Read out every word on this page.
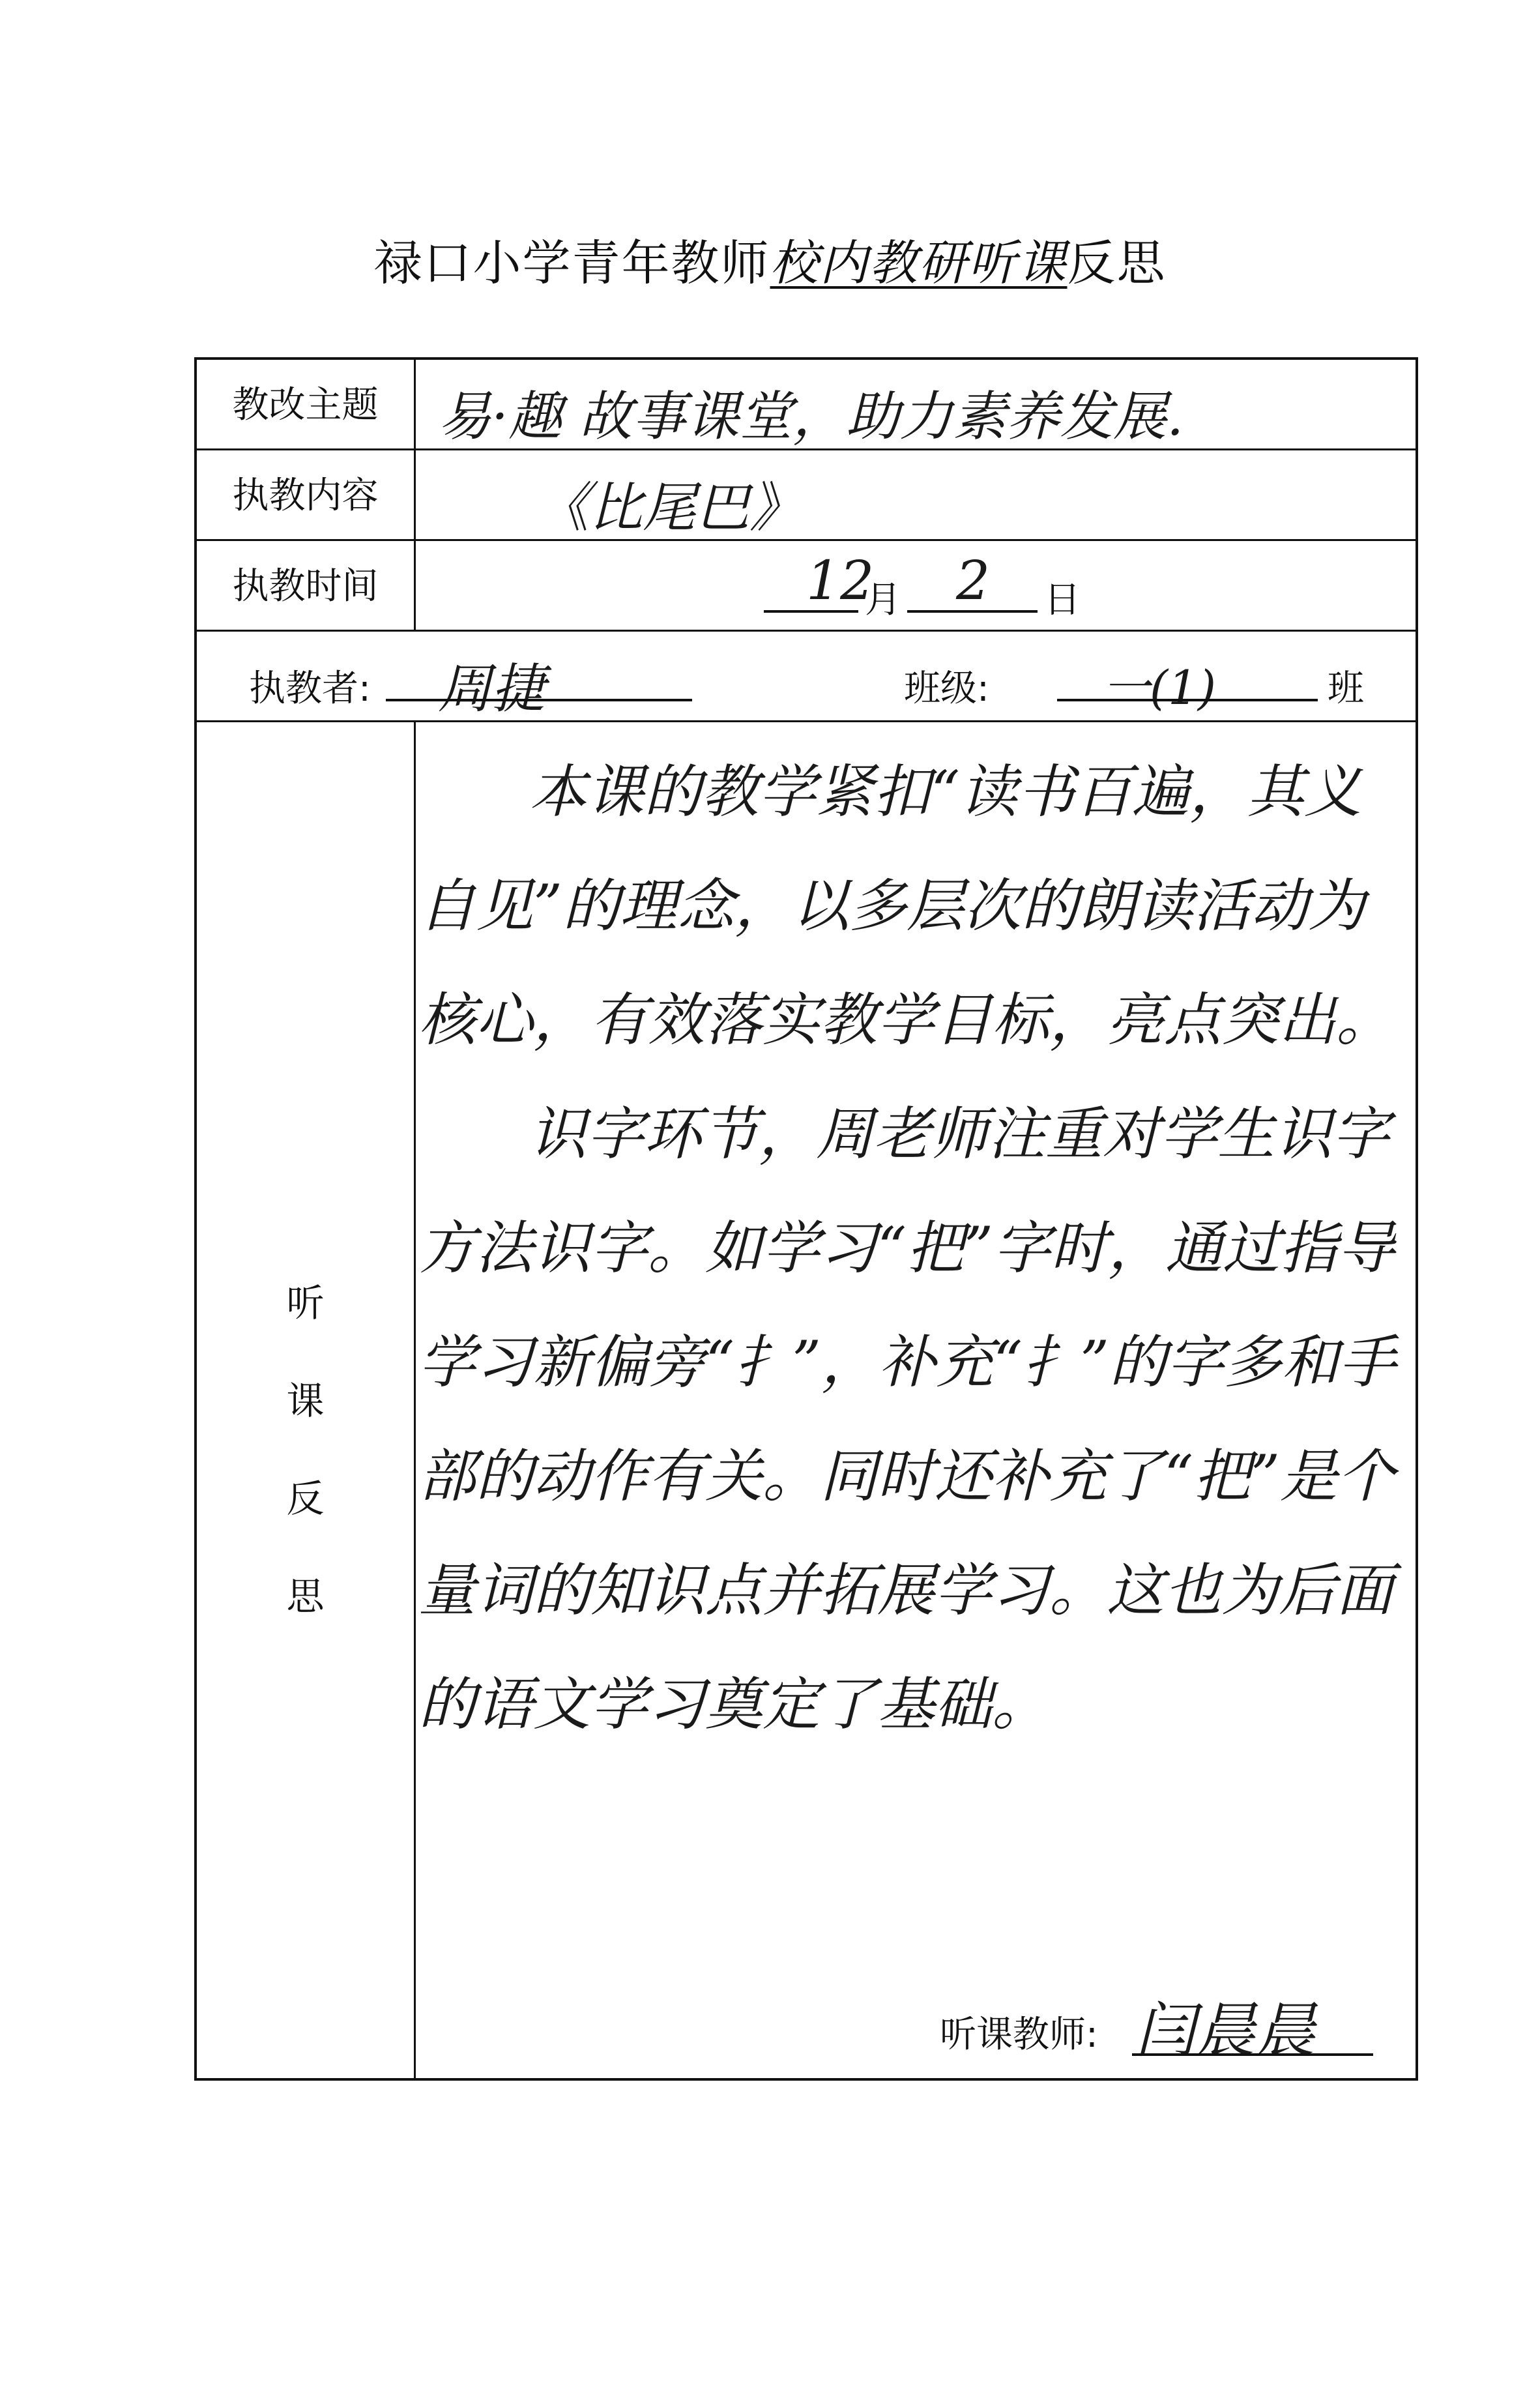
禄口小学青年教师校内教研听课反思
教改主题	易·趣 故事课堂，助力素养发展.
执教内容	《比尾巴》
执教时间	12
月 2 日
执教者: 周捷	班级: 一(1)	班
听
课
反
思

本课的教学紧扣“读书百遍，其义自见”的理念，以多层次的朗读活动为核心，有效落实教学目标，亮点突出。

识字环节，周老师注重对学生识字方法识字。如学习“把”字时，通过指导学习新偏旁“扌”，补充“扌”的字多和手部的动作有关。同时还补充了“把”是个量词的知识点并拓展学习。这也为后面的语文学习奠定了基础。

听课教师: 闫晨晨
